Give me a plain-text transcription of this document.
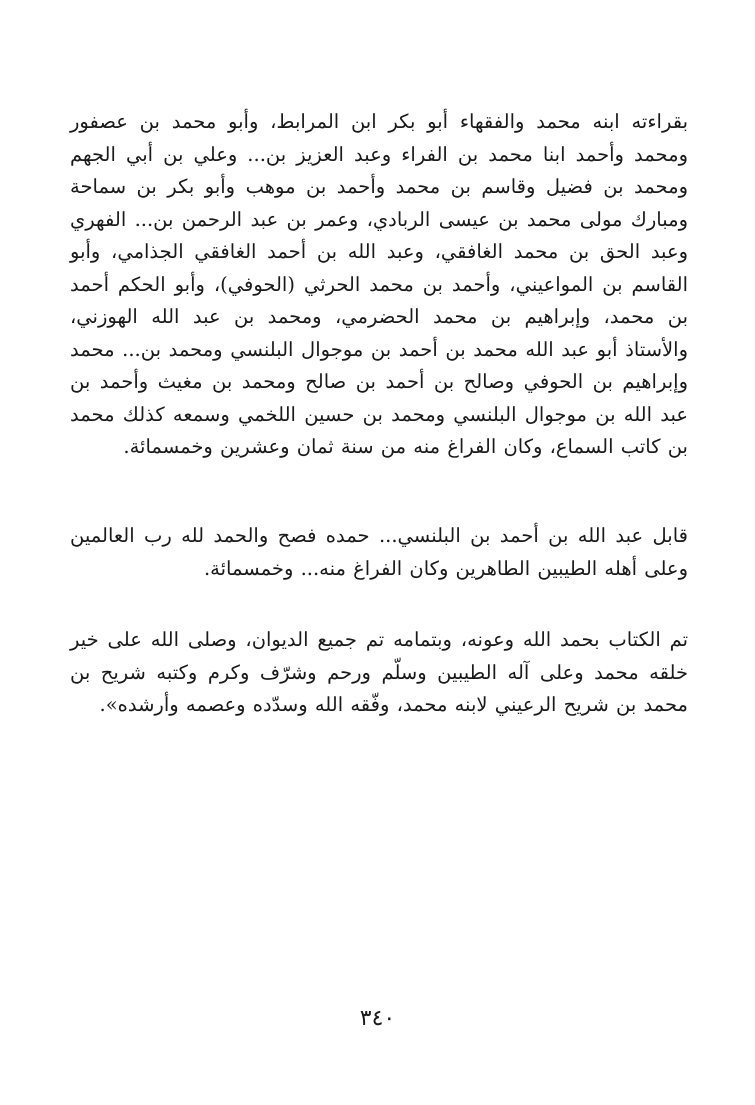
بقراءته ابنه محمد والفقهاء أبو بكر ابن المرابط، وأبو محمد بن عصفور ومحمد وأحمد ابنا محمد بن الفراء وعبد العزيز بن... وعلي بن أبي الجهم ومحمد بن فضيل وقاسم بن محمد وأحمد بن موهب وأبو بكر بن سماحة ومبارك مولى محمد بن عيسى الربادي، وعمر بن عبد الرحمن بن... الفهري وعبد الحق بن محمد الغافقي، وعبد الله بن أحمد الغافقي الجذامي، وأبو القاسم بن المواعيني، وأحمد بن محمد الحرثي (الحوفي)، وأبو الحكم أحمد بن محمد، وإبراهيم بن محمد الحضرمي، ومحمد بن عبد الله الهوزني، والأستاذ أبو عبد الله محمد بن أحمد بن موجوال البلنسي ومحمد بن... محمد وإبراهيم بن الحوفي وصالح بن أحمد بن صالح ومحمد بن مغيث وأحمد بن عبد الله بن موجوال البلنسي ومحمد بن حسين اللخمي وسمعه كذلك محمد بن كاتب السماع، وكان الفراغ منه من سنة ثمان وعشرين وخمسمائة.

قابل عبد الله بن أحمد بن البلنسي... حمده فصح والحمد لله رب العالمين وعلى أهله الطيبين الطاهرين وكان الفراغ منه... وخمسمائة.

تم الكتاب بحمد الله وعونه، وبتمامه تم جميع الديوان، وصلى الله على خير خلقه محمد وعلى آله الطيبين وسلّم ورحم وشرّف وكرم وكتبه شريح بن محمد بن شريح الرعيني لابنه محمد، وفّقه الله وسدّده وعصمه وأرشده».

٣٤٠
